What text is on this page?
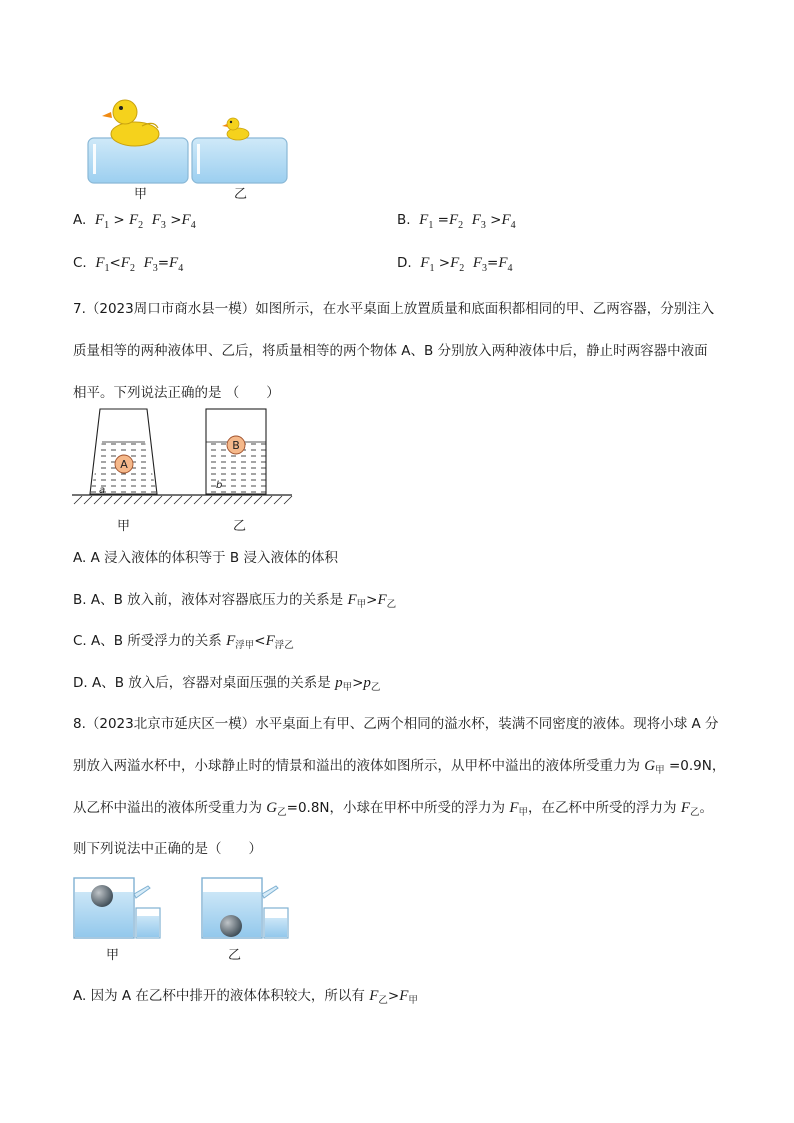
甲	乙
A. $F_1 > F_2$ $F_3 >F_4$	B. $F_1 =F_2$ $F_3 >F_4$
C. $F_1<F_2$ $F_3=F_4$	D. $F_1 >F_2$ $F_3=F_4$
7.（2023周口市商水县一模）如图所示，在水平桌面上放置质量和底面积都相同的甲、乙两容器，分别注入
质量相等的两种液体甲、乙后，将质量相等的两个物体 A、B 分别放入两种液体中后，静止时两容器中液面
相平。下列说法正确的是 （　　）
A
a
B
b
甲	乙
A. A 浸入液体的体积等于 B 浸入液体的体积
B. A、B 放入前，液体对容器底压力的关系是 $F_甲>F_乙$
C. A、B 所受浮力的关系 $F_{浮甲}<F_{浮乙}$
D. A、B 放入后，容器对桌面压强的关系是 $p_甲>p_乙$
8.（2023北京市延庆区一模）水平桌面上有甲、乙两个相同的溢水杯，装满不同密度的液体。现将小球 A 分
别放入两溢水杯中，小球静止时的情景和溢出的液体如图所示，从甲杯中溢出的液体所受重力为 $G_甲 =0.9N$，
从乙杯中溢出的液体所受重力为 $G_乙=0.8N$，小球在甲杯中所受的浮力为 $F_甲$，在乙杯中所受的浮力为 $F_乙$。
则下列说法中正确的是（　　）
甲	乙
A. 因为 A 在乙杯中排开的液体体积较大，所以有 $F_乙>F_甲$
